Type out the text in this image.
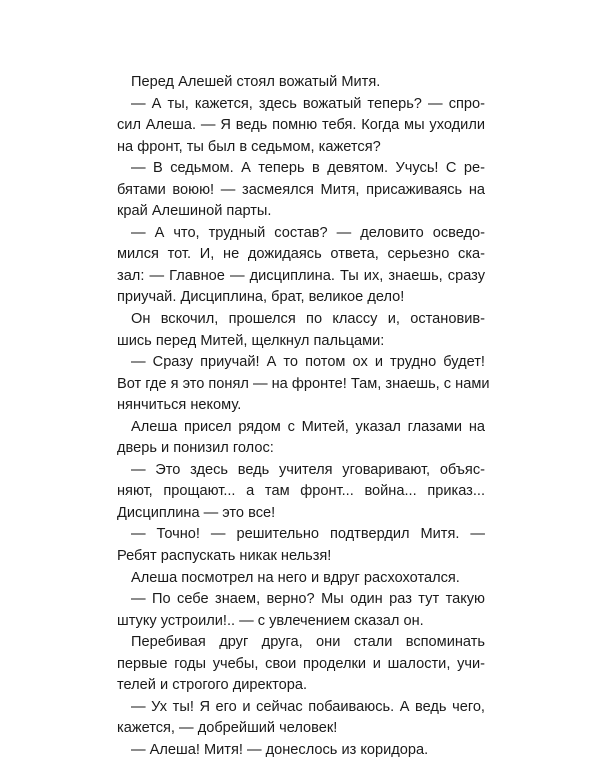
Перед Алешей стоял вожатый Митя.
— А ты, кажется, здесь вожатый теперь? — спро-
сил Алеша. — Я ведь помню тебя. Когда мы уходили
на фронт, ты был в седьмом, кажется?
— В седьмом. А теперь в девятом. Учусь! С ре-
бятами воюю! — засмеялся Митя, присаживаясь на
край Алешиной парты.
— А что, трудный состав? — деловито осведо-
мился тот. И, не дожидаясь ответа, серьезно ска-
зал: — Главное — дисциплина. Ты их, знаешь, сразу
приучай. Дисциплина, брат, великое дело!
Он вскочил, прошелся по классу и, остановив-
шись перед Митей, щелкнул пальцами:
— Сразу приучай! А то потом ох и трудно будет!
Вот где я это понял — на фронте! Там, знаешь, с нами
нянчиться некому.
Алеша присел рядом с Митей, указал глазами на
дверь и понизил голос:
— Это здесь ведь учителя уговаривают, объяс-
няют, прощают... а там фронт... война... приказ...
Дисциплина — это все!
— Точно! — решительно подтвердил Митя. —
Ребят распускать никак нельзя!
Алеша посмотрел на него и вдруг расхохотался.
— По себе знаем, верно? Мы один раз тут такую
штуку устроили!.. — с увлечением сказал он.
Перебивая друг друга, они стали вспоминать
первые годы учебы, свои проделки и шалости, учи-
телей и строгого директора.
— Ух ты! Я его и сейчас побаиваюсь. А ведь чего,
кажется, — добрейший человек!
— Алеша! Митя! — донеслось из коридора.
